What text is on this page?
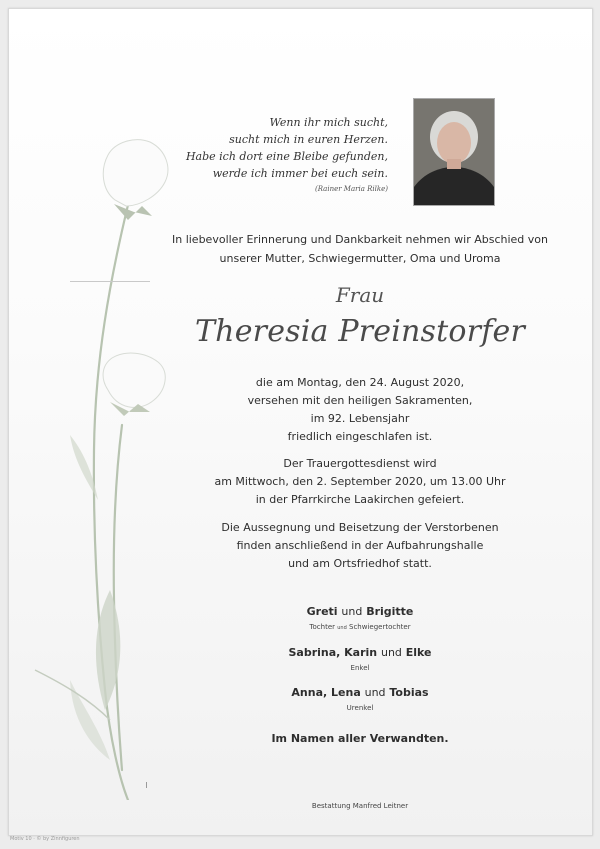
Wenn ihr mich sucht,
sucht mich in euren Herzen.
Habe ich dort eine Bleibe gefunden,
werde ich immer bei euch sein.
(Rainer Maria Rilke)
In liebevoller Erinnerung und Dankbarkeit nehmen wir Abschied von
unserer Mutter, Schwiegermutter, Oma und Uroma
Frau
Theresia Preinstorfer
die am Montag, den 24. August 2020,
versehen mit den heiligen Sakramenten,
im 92. Lebensjahr
friedlich eingeschlafen ist.
Der Trauergottesdienst wird
am Mittwoch, den 2. September 2020, um 13.00 Uhr
in der Pfarrkirche Laakirchen gefeiert.
Die Aussegnung und Beisetzung der Verstorbenen
finden anschließend in der Aufbahrungshalle
und am Ortsfriedhof statt.
Greti und Brigitte
Tochter und Schwiegertochter
Sabrina, Karin und Elke
Enkel
Anna, Lena und Tobias
Urenkel
Im Namen aller Verwandten.
Bestattung Manfred Leitner
Motiv 10 · © by Zinnfiguren
